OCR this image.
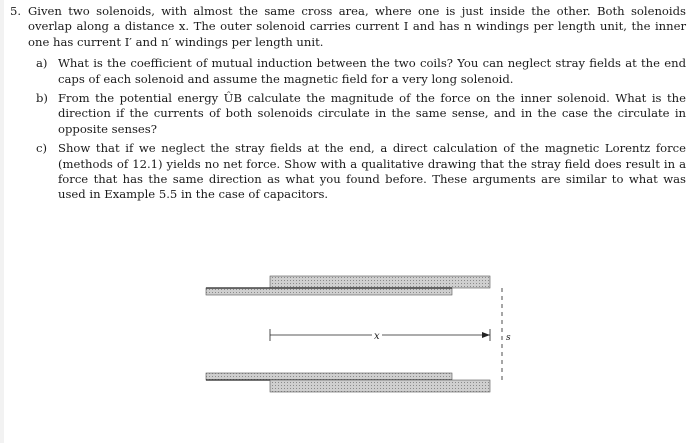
5. Given two solenoids, with almost the same cross area, where one is just inside the other. Both solenoids overlap along a distance x. The outer solenoid carries current I and has n windings per length unit, the inner one has current I′ and n′ windings per length unit.
a) What is the coefficient of mutual induction between the two coils? You can neglect stray fields at the end caps of each solenoid and assume the magnetic field for a very long solenoid.
b) From the potential energy ÛB calculate the magnitude of the force on the inner solenoid. What is the direction if the currents of both solenoids circulate in the same sense, and in the case the circulate in opposite senses?
c) Show that if we neglect the stray fields at the end, a direct calculation of the magnetic Lorentz force (methods of 12.1) yields no net force. Show with a qualitative drawing that the stray field does result in a force that has the same direction as what you found before. These arguments are similar to what was used in Example 5.5 in the case of capacitors.
x	s
